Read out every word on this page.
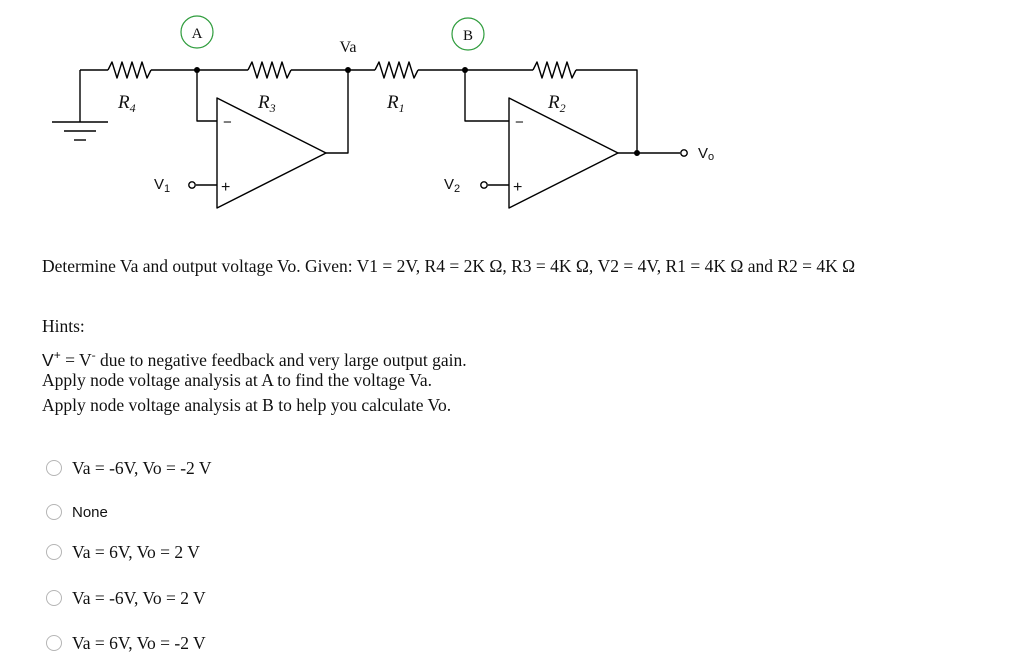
A	B
Va
$R_4$	$R_3$	$R_1$	$R_2$
−
+
−
+
$V_1$	$V_2$
Vo
Determine Va and output voltage Vo. Given: V1 = 2V, R4 = 2K Ω, R3 = 4K Ω, V2 = 4V, R1 = 4K Ω and R2 = 4K Ω
Hints:
V+ = V- due to negative feedback and very large output gain.
Apply node voltage analysis at A to find the voltage Va.
Apply node voltage analysis at B to help you calculate Vo.
Va = -6V, Vo = -2 V
None
Va = 6V, Vo = 2 V
Va = -6V, Vo = 2 V
Va = 6V, Vo = -2 V
